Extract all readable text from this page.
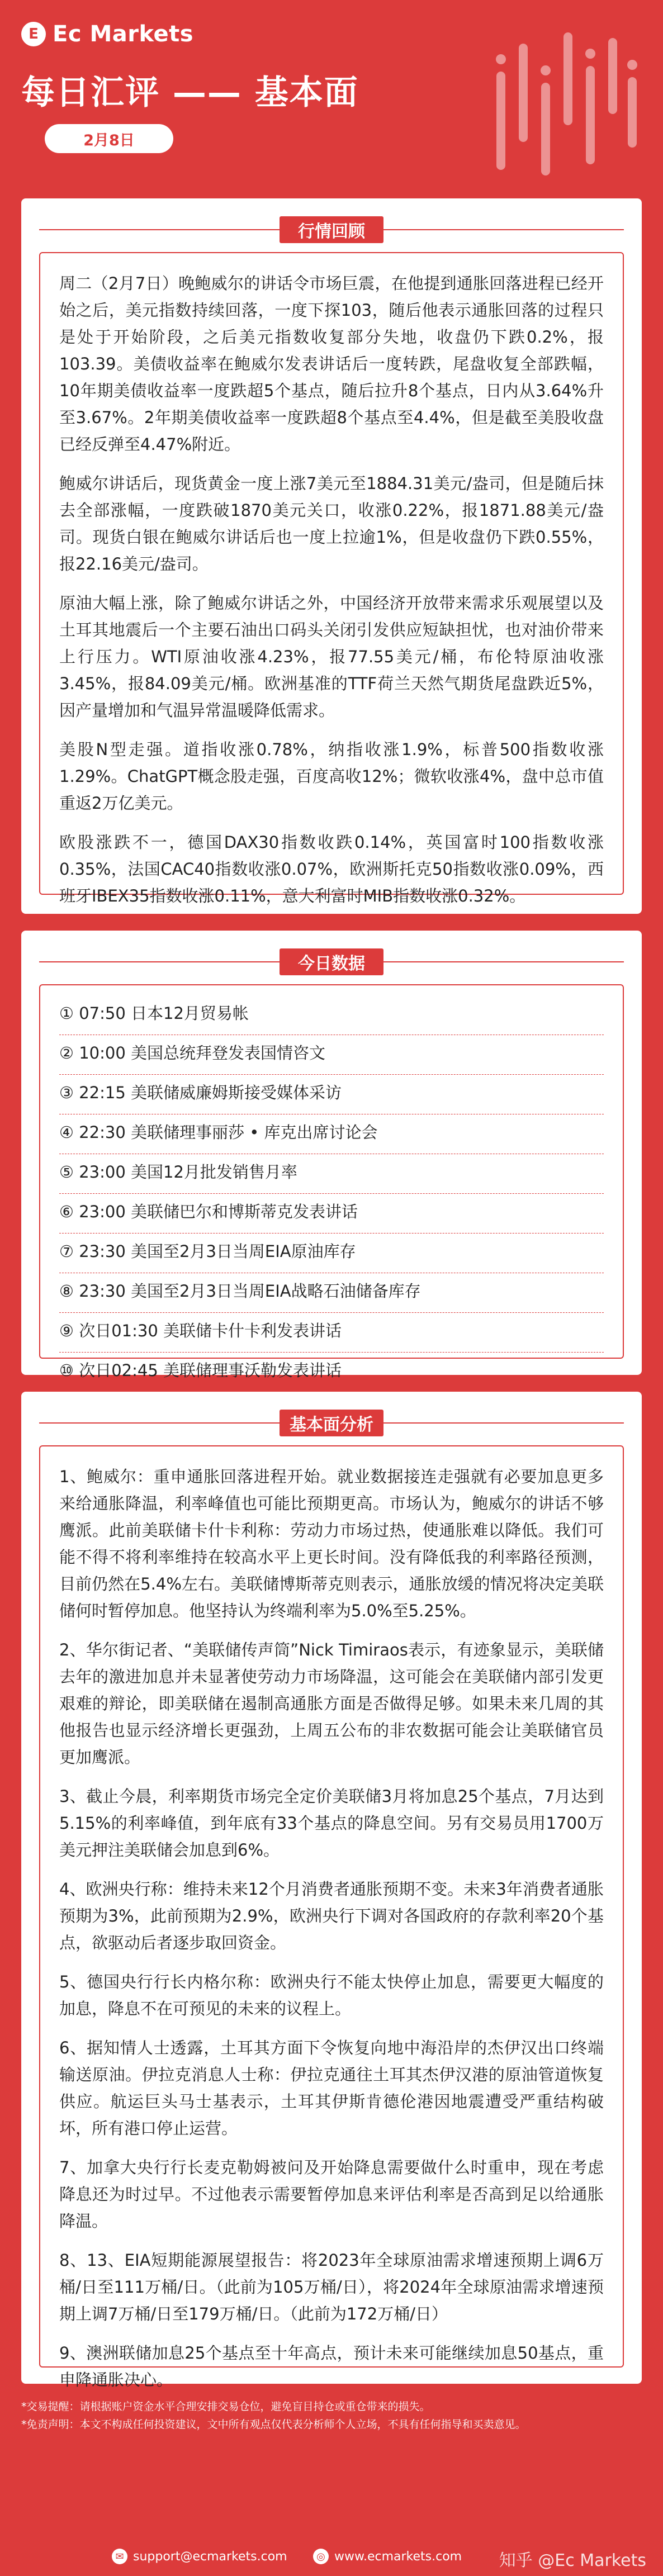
E Ec Markets
每日汇评 —— 基本面
2月8日
行情回顾

周二（2月7日）晚鲍威尔的讲话令市场巨震，在他提到通胀回落进程已经开始之后，美元指数持续回落，一度下探103，随后他表示通胀回落的过程只是处于开始阶段，之后美元指数收复部分失地，收盘仍下跌0.2%，报103.39。美债收益率在鲍威尔发表讲话后一度转跌，尾盘收复全部跌幅，10年期美债收益率一度跌超5个基点，随后拉升8个基点，日内从3.64%升至3.67%。2年期美债收益率一度跌超8个基点至4.4%，但是截至美股收盘已经反弹至4.47%附近。

鲍威尔讲话后，现货黄金一度上涨7美元至1884.31美元/盎司，但是随后抹去全部涨幅，一度跌破1870美元关口，收涨0.22%，报1871.88美元/盎司。现货白银在鲍威尔讲话后也一度上拉逾1%，但是收盘仍下跌0.55%，报22.16美元/盎司。

原油大幅上涨，除了鲍威尔讲话之外，中国经济开放带来需求乐观展望以及土耳其地震后一个主要石油出口码头关闭引发供应短缺担忧，也对油价带来上行压力。WTI原油收涨4.23%，报77.55美元/桶，布伦特原油收涨3.45%，报84.09美元/桶。欧洲基准的TTF荷兰天然气期货尾盘跌近5%，因产量增加和气温异常温暖降低需求。

美股N型走强。道指收涨0.78%，纳指收涨1.9%，标普500指数收涨1.29%。ChatGPT概念股走强，百度高收12%；微软收涨4%，盘中总市值重返2万亿美元。

欧股涨跌不一，德国DAX30指数收跌0.14%，英国富时100指数收涨0.35%，法国CAC40指数收涨0.07%，欧洲斯托克50指数收涨0.09%，西班牙IBEX35指数收涨0.11%，意大利富时MIB指数收涨0.32%。

今日数据
① 07:50 日本12月贸易帐
② 10:00 美国总统拜登发表国情咨文
③ 22:15 美联储威廉姆斯接受媒体采访
④ 22:30 美联储理事丽莎 • 库克出席讨论会
⑤ 23:00 美国12月批发销售月率
⑥ 23:00 美联储巴尔和博斯蒂克发表讲话
⑦ 23:30 美国至2月3日当周EIA原油库存
⑧ 23:30 美国至2月3日当周EIA战略石油储备库存
⑨ 次日01:30 美联储卡什卡利发表讲话
⑩ 次日02:45 美联储理事沃勒发表讲话
基本面分析

1、鲍威尔：重申通胀回落进程开始。就业数据接连走强就有必要加息更多来给通胀降温，利率峰值也可能比预期更高。市场认为，鲍威尔的讲话不够鹰派。此前美联储卡什卡利称：劳动力市场过热，使通胀难以降低。我们可能不得不将利率维持在较高水平上更长时间。没有降低我的利率路径预测，目前仍然在5.4%左右。美联储博斯蒂克则表示，通胀放缓的情况将决定美联储何时暂停加息。他坚持认为终端利率为5.0%至5.25%。

2、华尔街记者、“美联储传声筒”Nick Timiraos表示，有迹象显示，美联储去年的激进加息并未显著使劳动力市场降温，这可能会在美联储内部引发更艰难的辩论，即美联储在遏制高通胀方面是否做得足够。如果未来几周的其他报告也显示经济增长更强劲，上周五公布的非农数据可能会让美联储官员更加鹰派。

3、截止今晨，利率期货市场完全定价美联储3月将加息25个基点，7月达到5.15%的利率峰值，到年底有33个基点的降息空间。另有交易员用1700万美元押注美联储会加息到6%。

4、欧洲央行称：维持未来12个月消费者通胀预期不变。未来3年消费者通胀预期为3%，此前预期为2.9%，欧洲央行下调对各国政府的存款利率20个基点，欲驱动后者逐步取回资金。

5、德国央行行长内格尔称：欧洲央行不能太快停止加息，需要更大幅度的加息，降息不在可预见的未来的议程上。

6、据知情人士透露，土耳其方面下令恢复向地中海沿岸的杰伊汉出口终端输送原油。伊拉克消息人士称：伊拉克通往土耳其杰伊汉港的原油管道恢复供应。航运巨头马士基表示，土耳其伊斯肯德伦港因地震遭受严重结构破坏，所有港口停止运营。

7、加拿大央行行长麦克勒姆被问及开始降息需要做什么时重申，现在考虑降息还为时过早。不过他表示需要暂停加息来评估利率是否高到足以给通胀降温。

8、13、EIA短期能源展望报告：将2023年全球原油需求增速预期上调6万桶/日至111万桶/日。（此前为105万桶/日），将2024年全球原油需求增速预期上调7万桶/日至179万桶/日。（此前为172万桶/日）

9、澳洲联储加息25个基点至十年高点，预计未来可能继续加息50基点，重申降通胀决心。

*交易提醒：请根据账户资金水平合理安排交易仓位，避免盲目持仓或重仓带来的损失。

*免责声明：本文不构成任何投资建议，文中所有观点仅代表分析师个人立场，不具有任何指导和买卖意见。

✉ support@ecmarkets.com	◎ www.ecmarkets.com 知乎 @Ec Markets
